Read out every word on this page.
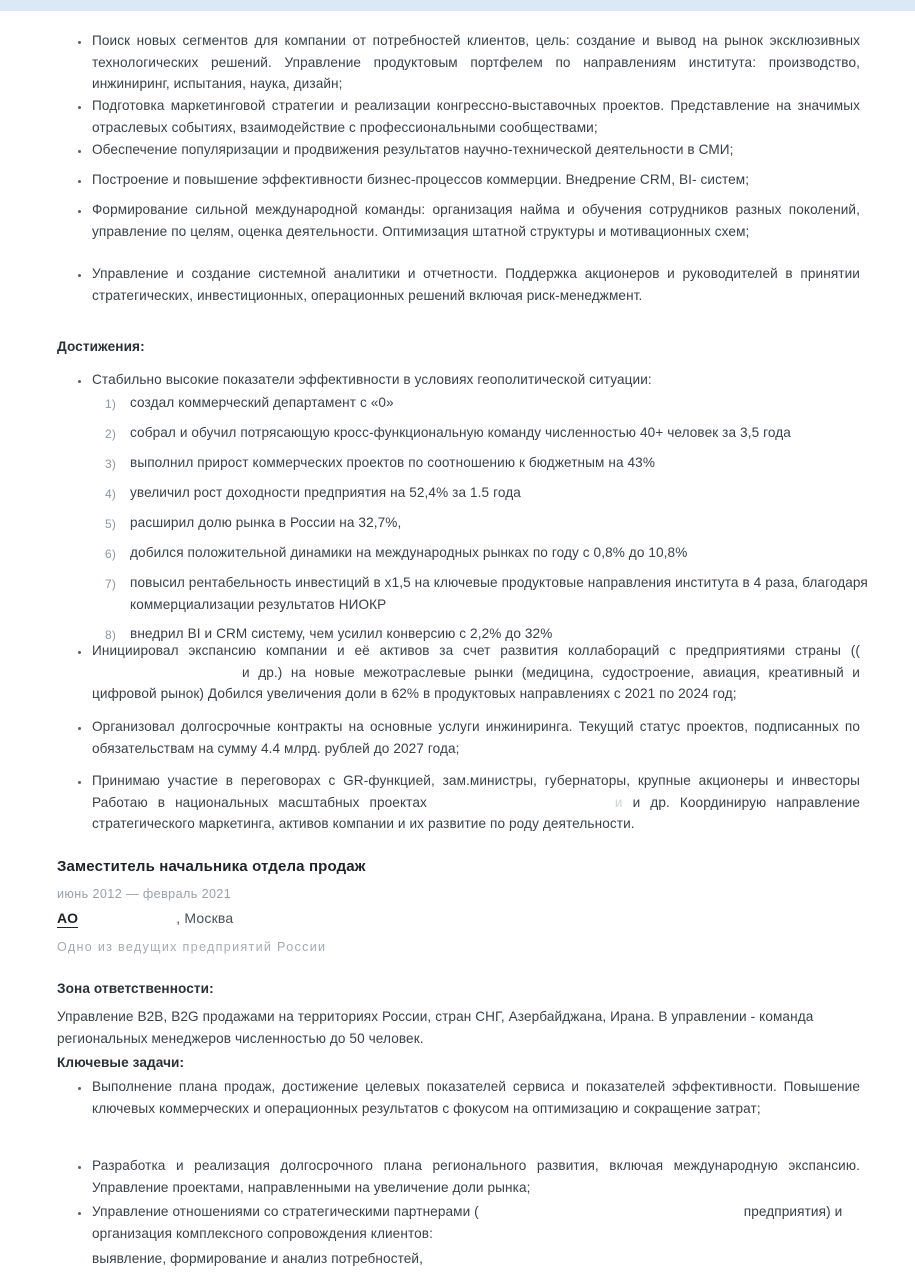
Поиск новых сегментов для компании от потребностей клиентов, цель: создание и вывод на рынок эксклюзивных технологических решений. Управление продуктовым портфелем по направлениям института: производство, инжиниринг, испытания, наука, дизайн;
Подготовка маркетинговой стратегии и реализации конгрессно-выставочных проектов. Представление на значимых отраслевых событиях, взаимодействие с профессиональными сообществами;
Обеспечение популяризации и продвижения результатов научно-технической деятельности в СМИ;
Построение и повышение эффективности бизнес-процессов коммерции. Внедрение CRM, BI- систем;
Формирование сильной международной команды: организация найма и обучения сотрудников разных поколений, управление по целям, оценка деятельности. Оптимизация штатной структуры и мотивационных схем;
Управление и создание системной аналитики и отчетности. Поддержка акционеров и руководителей в принятии стратегических, инвестиционных, операционных решений включая риск-менеджмент.
Достижения:
Стабильно высокие показатели эффективности в условиях геополитической ситуации:
1) создал коммерческий департамент с «0»
2) собрал и обучил потрясающую кросс-функциональную команду численностью 40+ человек за 3,5 года
3) выполнил прирост коммерческих проектов по соотношению к бюджетным на 43%
4) увеличил рост доходности предприятия на 52,4% за 1.5 года
5) расширил долю рынка в России на 32,7%,
6) добился положительной динамики на международных рынках по году с 0,8% до 10,8%
7) повысил рентабельность инвестиций в х1,5 на ключевые продуктовые направления института в 4 раза, благодаря коммерциализации результатов НИОКР
8) внедрил BI и CRM систему, чем усилил конверсию с 2,2% до 32%
Инициировал экспансию компании и её активов за счет развития коллабораций с предприятиями страны ((и др.) на новые межотраслевые рынки (медицина, судостроение, авиация, креативный и цифровой рынок) Добился увеличения доли в 62% в продуктовых направлениях с 2021 по 2024 год;
Организовал долгосрочные контракты на основные услуги инжиниринга. Текущий статус проектов, подписанных по обязательствам на сумму 4.4 млрд. рублей до 2027 года;
Принимаю участие в переговорах с GR-функцией, зам.министры, губернаторы, крупные акционеры и инвесторы Работаю в национальных масштабных проектах	и и др. Координирую направление стратегического маркетинга, активов компании и их развитие по роду деятельности.
Заместитель начальника отдела продаж
июнь 2012 — февраль 2021
АО	, Москва
Одно из ведущих предприятий России
Зона ответственности:
Управление B2B, B2G продажами на территориях России, стран СНГ, Азербайджана, Ирана. В управлении - команда региональных менеджеров численностью до 50 человек.
Ключевые задачи:
Выполнение плана продаж, достижение целевых показателей сервиса и показателей эффективности. Повышение ключевых коммерческих и операционных результатов с фокусом на оптимизацию и сокращение затрат;
Разработка и реализация долгосрочного плана регионального развития, включая международную экспансию. Управление проектами, направленными на увеличение доли рынка;
Управление отношениями со стратегическими партнерами (	предприятия) и организация комплексного сопровождения клиентов:
выявление, формирование и анализ потребностей,
